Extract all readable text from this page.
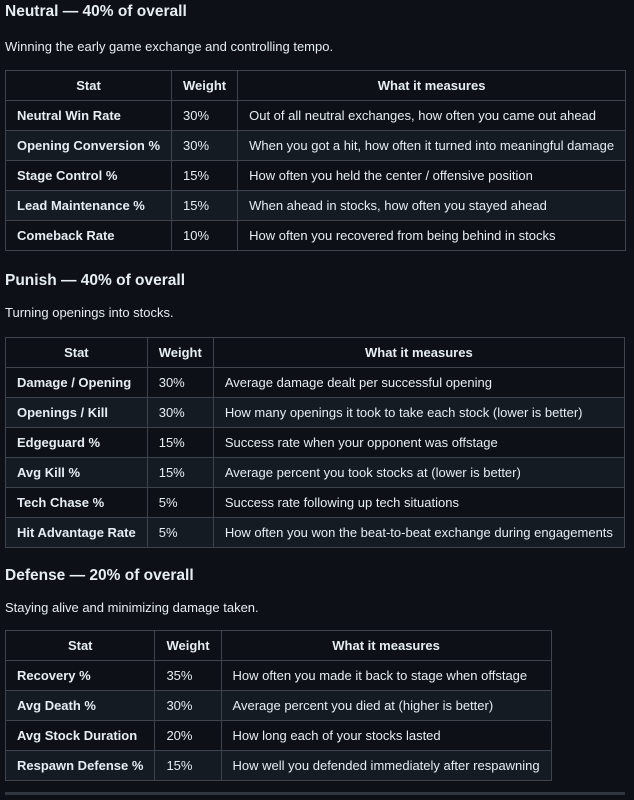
Neutral — 40% of overall

Winning the early game exchange and controlling tempo.

Stat	Weight	What it measures
Neutral Win Rate	30%	Out of all neutral exchanges, how often you came out ahead
Opening Conversion %	30%	When you got a hit, how often it turned into meaningful damage
Stage Control %	15%	How often you held the center / offensive position
Lead Maintenance %	15%	When ahead in stocks, how often you stayed ahead
Comeback Rate	10%	How often you recovered from being behind in stocks
Punish — 40% of overall

Turning openings into stocks.

Stat	Weight	What it measures
Damage / Opening	30%	Average damage dealt per successful opening
Openings / Kill	30%	How many openings it took to take each stock (lower is better)
Edgeguard %	15%	Success rate when your opponent was offstage
Avg Kill %	15%	Average percent you took stocks at (lower is better)
Tech Chase %	5%	Success rate following up tech situations
Hit Advantage Rate	5%	How often you won the beat-to-beat exchange during engagements
Defense — 20% of overall

Staying alive and minimizing damage taken.

Stat	Weight	What it measures
Recovery %	35%	How often you made it back to stage when offstage
Avg Death %	30%	Average percent you died at (higher is better)
Avg Stock Duration	20%	How long each of your stocks lasted
Respawn Defense %	15%	How well you defended immediately after respawning
